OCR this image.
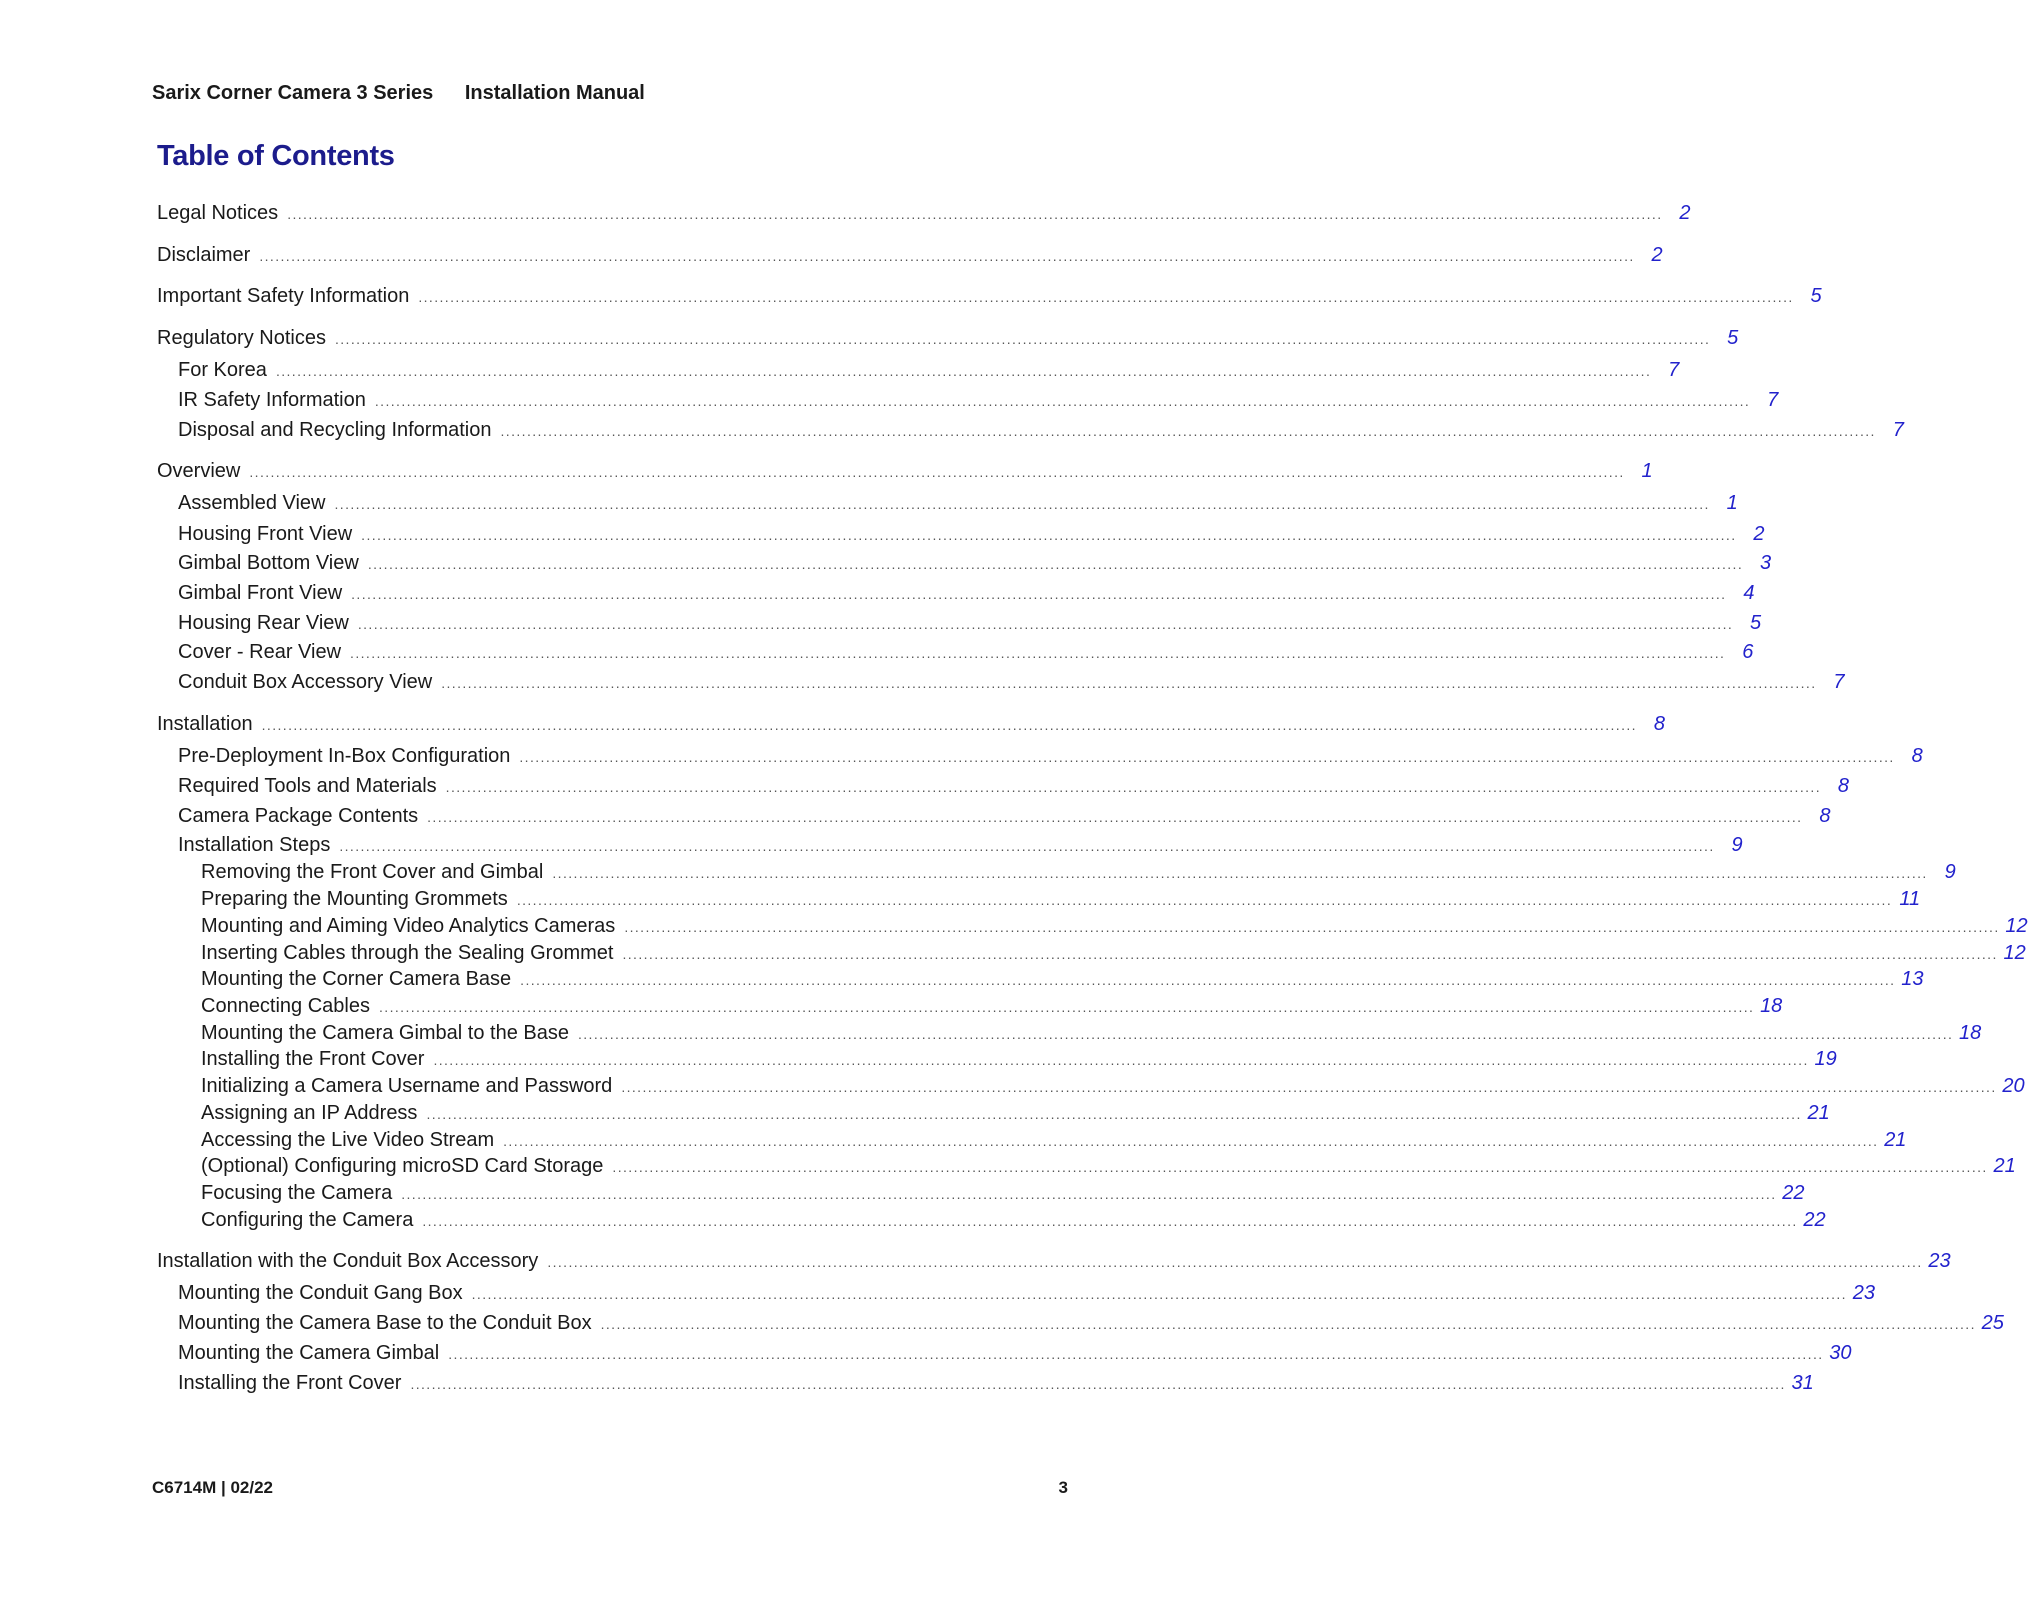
Sarix Corner Camera 3 Series Installation Manual
Table of Contents
Legal Notices .................................................................................................................................................................................................................................................................... 2
Disclaimer .................................................................................................................................................................................................................................................................... 2
Important Safety Information .................................................................................................................................................................................................................................................................... 5
Regulatory Notices .................................................................................................................................................................................................................................................................... 5
For Korea .................................................................................................................................................................................................................................................................... 7
IR Safety Information .................................................................................................................................................................................................................................................................... 7
Disposal and Recycling Information .................................................................................................................................................................................................................................................................... 7
Overview .................................................................................................................................................................................................................................................................... 1
Assembled View .................................................................................................................................................................................................................................................................... 1
Housing Front View .................................................................................................................................................................................................................................................................... 2
Gimbal Bottom View .................................................................................................................................................................................................................................................................... 3
Gimbal Front View .................................................................................................................................................................................................................................................................... 4
Housing Rear View .................................................................................................................................................................................................................................................................... 5
Cover - Rear View .................................................................................................................................................................................................................................................................... 6
Conduit Box Accessory View .................................................................................................................................................................................................................................................................... 7
Installation .................................................................................................................................................................................................................................................................... 8
Pre-Deployment In-Box Configuration .................................................................................................................................................................................................................................................................... 8
Required Tools and Materials .................................................................................................................................................................................................................................................................... 8
Camera Package Contents .................................................................................................................................................................................................................................................................... 8
Installation Steps .................................................................................................................................................................................................................................................................... 9
Removing the Front Cover and Gimbal .................................................................................................................................................................................................................................................................... 9
Preparing the Mounting Grommets .................................................................................................................................................................................................................................................................... 11
Mounting and Aiming Video Analytics Cameras .................................................................................................................................................................................................................................................................... 12
Inserting Cables through the Sealing Grommet .................................................................................................................................................................................................................................................................... 12
Mounting the Corner Camera Base .................................................................................................................................................................................................................................................................... 13
Connecting Cables .................................................................................................................................................................................................................................................................... 18
Mounting the Camera Gimbal to the Base .................................................................................................................................................................................................................................................................... 18
Installing the Front Cover .................................................................................................................................................................................................................................................................... 19
Initializing a Camera Username and Password .................................................................................................................................................................................................................................................................... 20
Assigning an IP Address .................................................................................................................................................................................................................................................................... 21
Accessing the Live Video Stream .................................................................................................................................................................................................................................................................... 21
(Optional) Configuring microSD Card Storage .................................................................................................................................................................................................................................................................... 21
Focusing the Camera .................................................................................................................................................................................................................................................................... 22
Configuring the Camera .................................................................................................................................................................................................................................................................... 22
Installation with the Conduit Box Accessory .................................................................................................................................................................................................................................................................... 23
Mounting the Conduit Gang Box .................................................................................................................................................................................................................................................................... 23
Mounting the Camera Base to the Conduit Box .................................................................................................................................................................................................................................................................... 25
Mounting the Camera Gimbal .................................................................................................................................................................................................................................................................... 30
Installing the Front Cover .................................................................................................................................................................................................................................................................... 31
C6714M | 02/22	3
